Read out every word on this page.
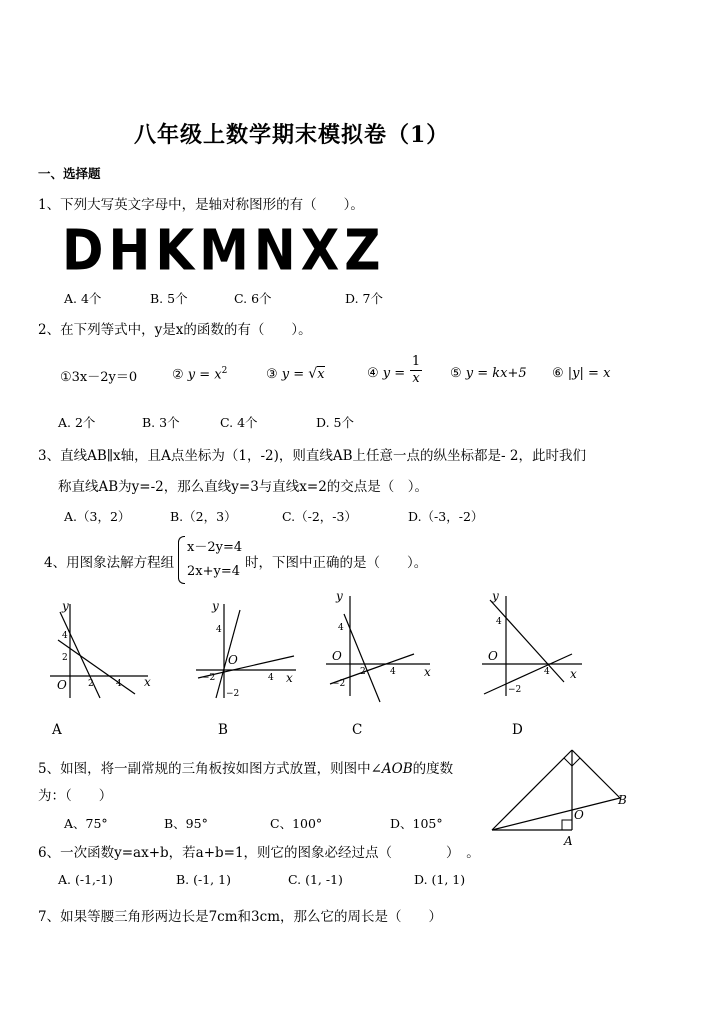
八年级上数学期末模拟卷（1）
一、选择题
1、下列大写英文字母中，是轴对称图形的有（　　）。
DHKMNXZ
A. 4个	B. 5个	C. 6个	D. 7个
2、在下列等式中，y是x的函数的有（　　）。
①3x－2y＝0	② $y = x^2$	③ y = √x	④ y =
1
x ⑤ y = kx+5 ⑥ |y| = x
A. 2个	B. 3个	C. 4个	D. 5个
3、直线AB∥x轴，且A点坐标为（1，-2)，则直线AB上任意一点的纵坐标都是- 2，此时我们
称直线AB为y=-2，那么直线y=3与直线x=2的交点是（　）。
A.（3，2）	B.（2，3）	C.（-2，-3）	D.（-3，-2）
4、用图象法解方程组
x－2y=4
2x+y=4
时，下图中正确的是（　　）。
y
x
O
4
2
2 4
A
y
x
O
4
−2
−2
4
B
y
x
O
4
2	4
−2
C
y
x
O
4
4
−2
D
5、如图，将一副常规的三角板按如图方式放置，则图中∠AOB的度数
为：（　　）
A、75°	B、95°	C、100°	D、105°
B
O
A
6、一次函数y=ax+b，若a+b=1，则它的图象必经过点（　　　　）　。
A. (-1,-1)	B. (-1, 1)	C. (1, -1)	D. (1, 1)
7、如果等腰三角形两边长是7cm和3cm，那么它的周长是（　　）
